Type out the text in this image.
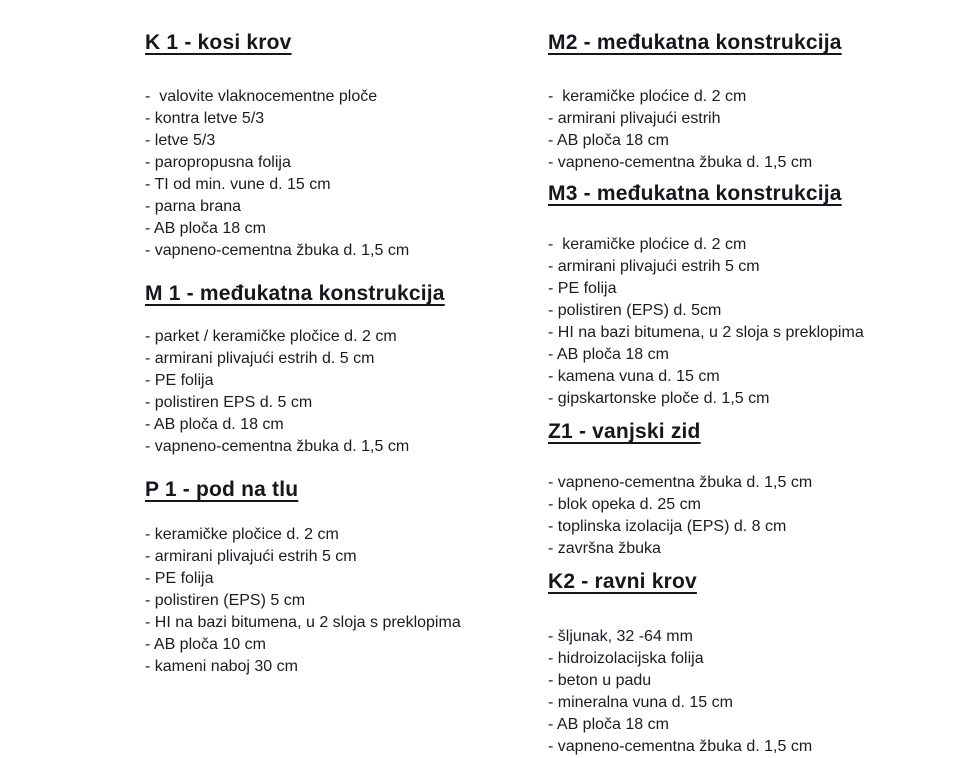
K 1 - kosi krov
-  valovite vlaknocementne ploče
- kontra letve 5/3
- letve 5/3
- paropropusna folija
- TI od min. vune d. 15 cm
- parna brana
- AB ploča 18 cm
- vapneno-cementna žbuka d. 1,5 cm
M 1 - međukatna konstrukcija
- parket / keramičke pločice d. 2 cm
- armirani plivajući estrih d. 5 cm
- PE folija
- polistiren EPS d. 5 cm
- AB ploča d. 18 cm
- vapneno-cementna žbuka d. 1,5 cm
P 1 - pod na tlu
- keramičke pločice d. 2 cm
- armirani plivajući estrih 5 cm
- PE folija
- polistiren (EPS) 5 cm
- HI na bazi bitumena, u 2 sloja s preklopima
- AB ploča 10 cm
- kameni naboj 30 cm
M2 - međukatna konstrukcija
-  keramičke ploćice d. 2 cm
- armirani plivajući estrih
- AB ploča 18 cm
- vapneno-cementna žbuka d. 1,5 cm
M3 - međukatna konstrukcija
-  keramičke ploćice d. 2 cm
- armirani plivajući estrih 5 cm
- PE folija
- polistiren (EPS) d. 5cm
- HI na bazi bitumena, u 2 sloja s preklopima
- AB ploča 18 cm
- kamena vuna d. 15 cm
- gipskartonske ploče d. 1,5 cm
Z1 - vanjski zid
- vapneno-cementna žbuka d. 1,5 cm
- blok opeka d. 25 cm
- toplinska izolacija (EPS) d. 8 cm
- završna žbuka
K2 - ravni krov
- šljunak, 32 -64 mm
- hidroizolacijska folija
- beton u padu
- mineralna vuna d. 15 cm
- AB ploča 18 cm
- vapneno-cementna žbuka d. 1,5 cm
